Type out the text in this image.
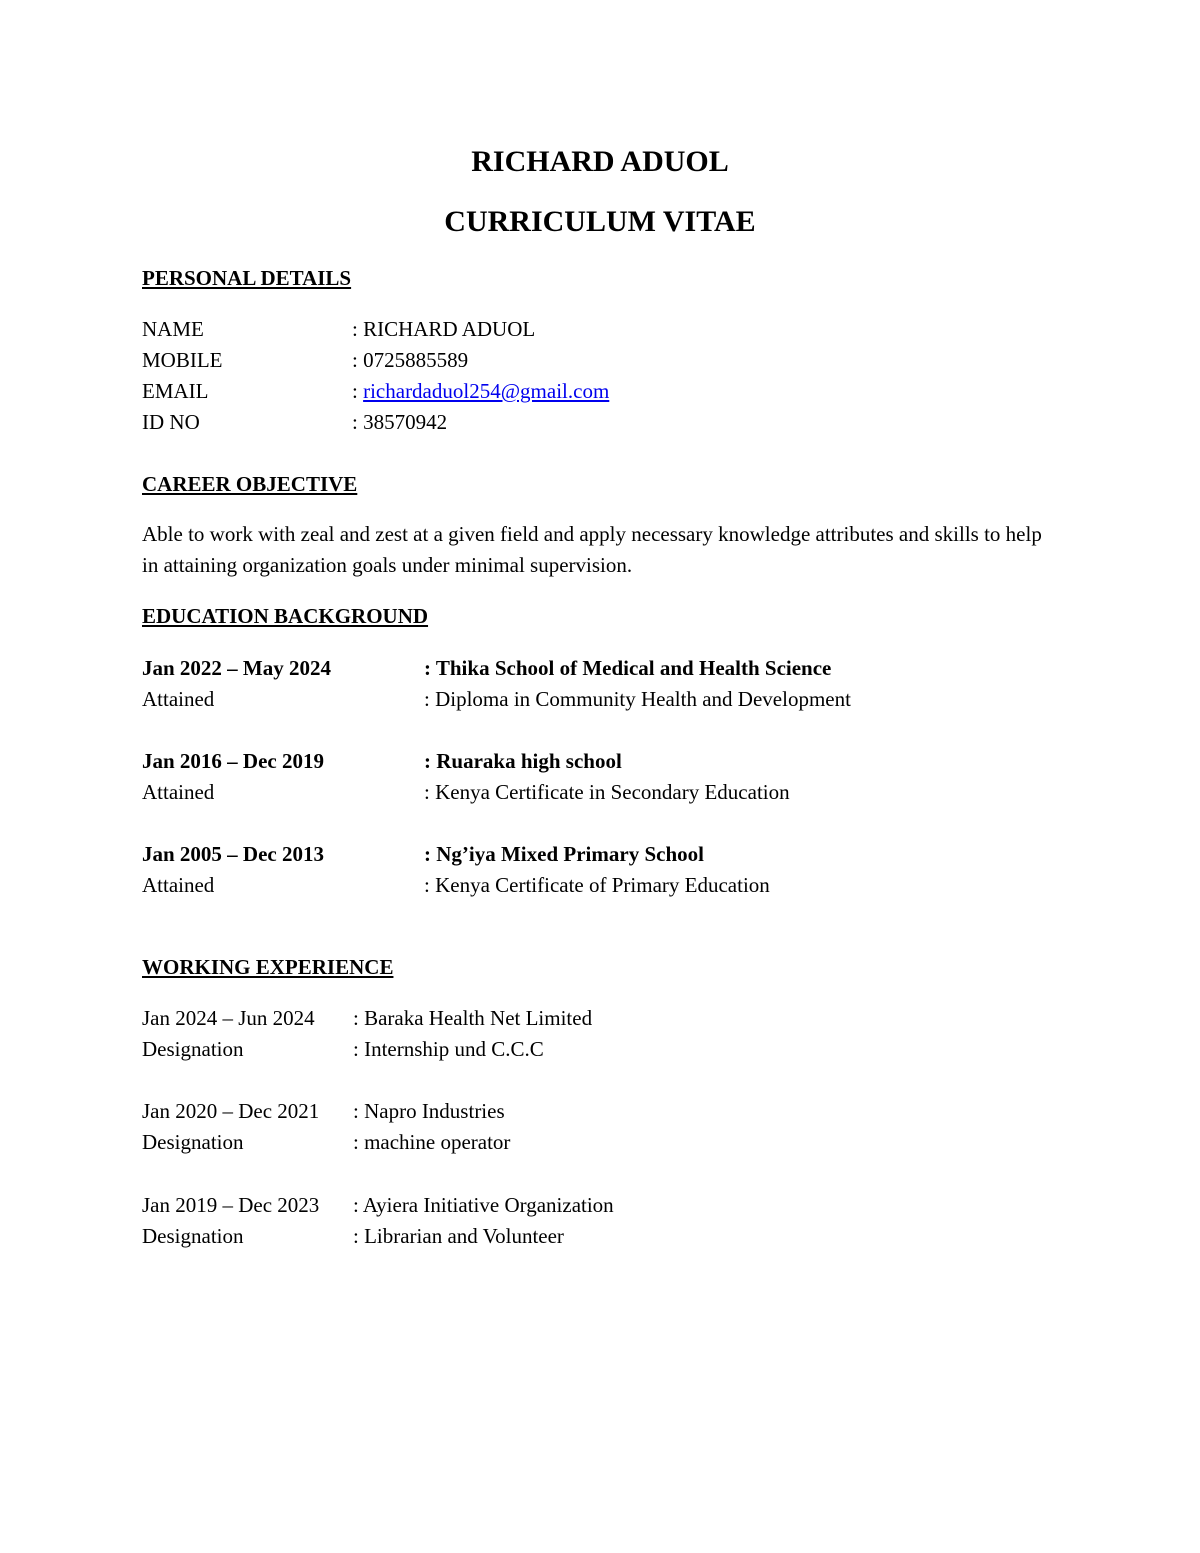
RICHARD ADUOL
CURRICULUM VITAE
PERSONAL DETAILS
NAME	: RICHARD ADUOL
MOBILE	: 0725885589
EMAIL	: richardaduol254@gmail.com
ID NO	: 38570942
CAREER OBJECTIVE

Able to work with zeal and zest at a given field and apply necessary knowledge attributes and skills to help in attaining organization goals under minimal supervision.

EDUCATION BACKGROUND
Jan 2022 – May 2024	: Thika School of Medical and Health Science
Attained	: Diploma in Community Health and Development
Jan 2016 – Dec 2019	: Ruaraka high school
Attained	: Kenya Certificate in Secondary Education
Jan 2005 – Dec 2013	: Ng’iya Mixed Primary School
Attained	: Kenya Certificate of Primary Education
WORKING EXPERIENCE
Jan 2024 – Jun 2024 : Baraka Health Net Limited
Designation	: Internship und C.C.C
Jan 2020 – Dec 2021 : Napro Industries
Designation	: machine operator
Jan 2019 – Dec 2023 : Ayiera Initiative Organization
Designation	: Librarian and Volunteer
